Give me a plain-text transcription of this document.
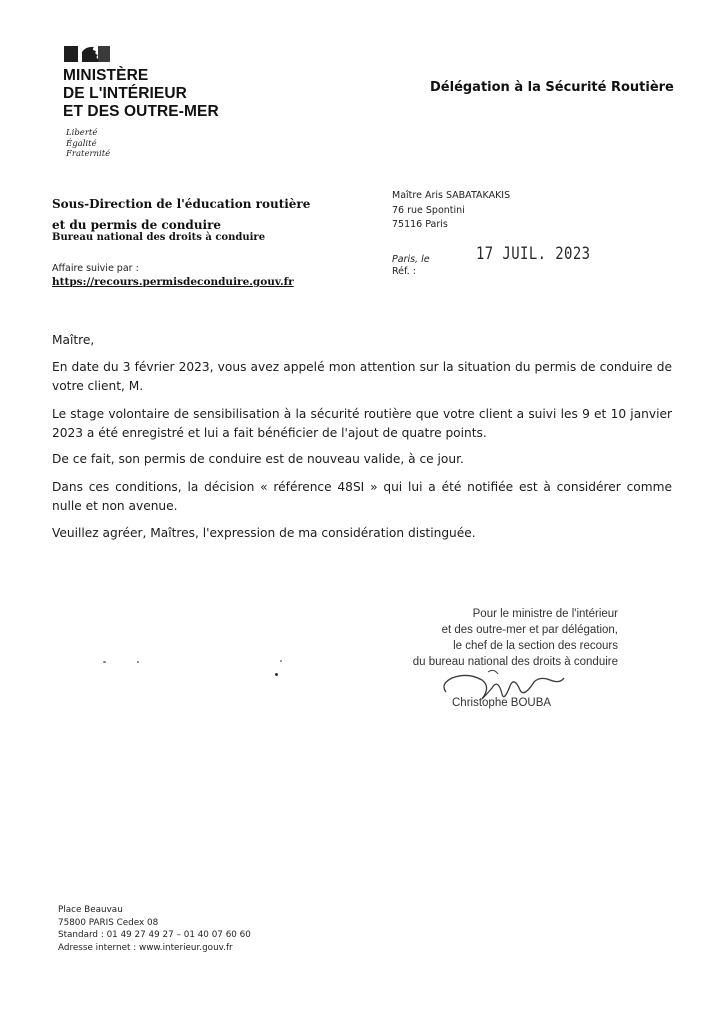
MINISTÈRE
DE L'INTÉRIEUR
ET DES OUTRE-MER
Liberté
Égalité
Fraternité
Délégation à la Sécurité Routière
Sous-Direction de l'éducation routière
et du permis de conduire
Bureau national des droits à conduire
Affaire suivie par :
https://recours.permisdeconduire.gouv.fr
Maître Aris SABATAKAKIS
76 rue Spontini
75116 Paris
Paris, le	17 JUIL. 2023
Réf. :
Maître,
En date du 3 février 2023, vous avez appelé mon attention sur la situation du permis de conduire de votre client, M.
Le stage volontaire de sensibilisation à la sécurité routière que votre client a suivi les 9 et 10 janvier 2023 a été enregistré et lui a fait bénéficier de l'ajout de quatre points.
De ce fait, son permis de conduire est de nouveau valide, à ce jour.
Dans ces conditions, la décision « référence 48SI » qui lui a été notifiée est à considérer comme nulle et non avenue.
Veuillez agréer, Maîtres, l'expression de ma considération distinguée.
Pour le ministre de l'intérieur
et des outre-mer et par délégation,
le chef de la section des recours
du bureau national des droits à conduire
Christophe BOUBA
Place Beauvau
75800 PARIS Cedex 08
Standard : 01 49 27 49 27 – 01 40 07 60 60
Adresse internet : www.interieur.gouv.fr
